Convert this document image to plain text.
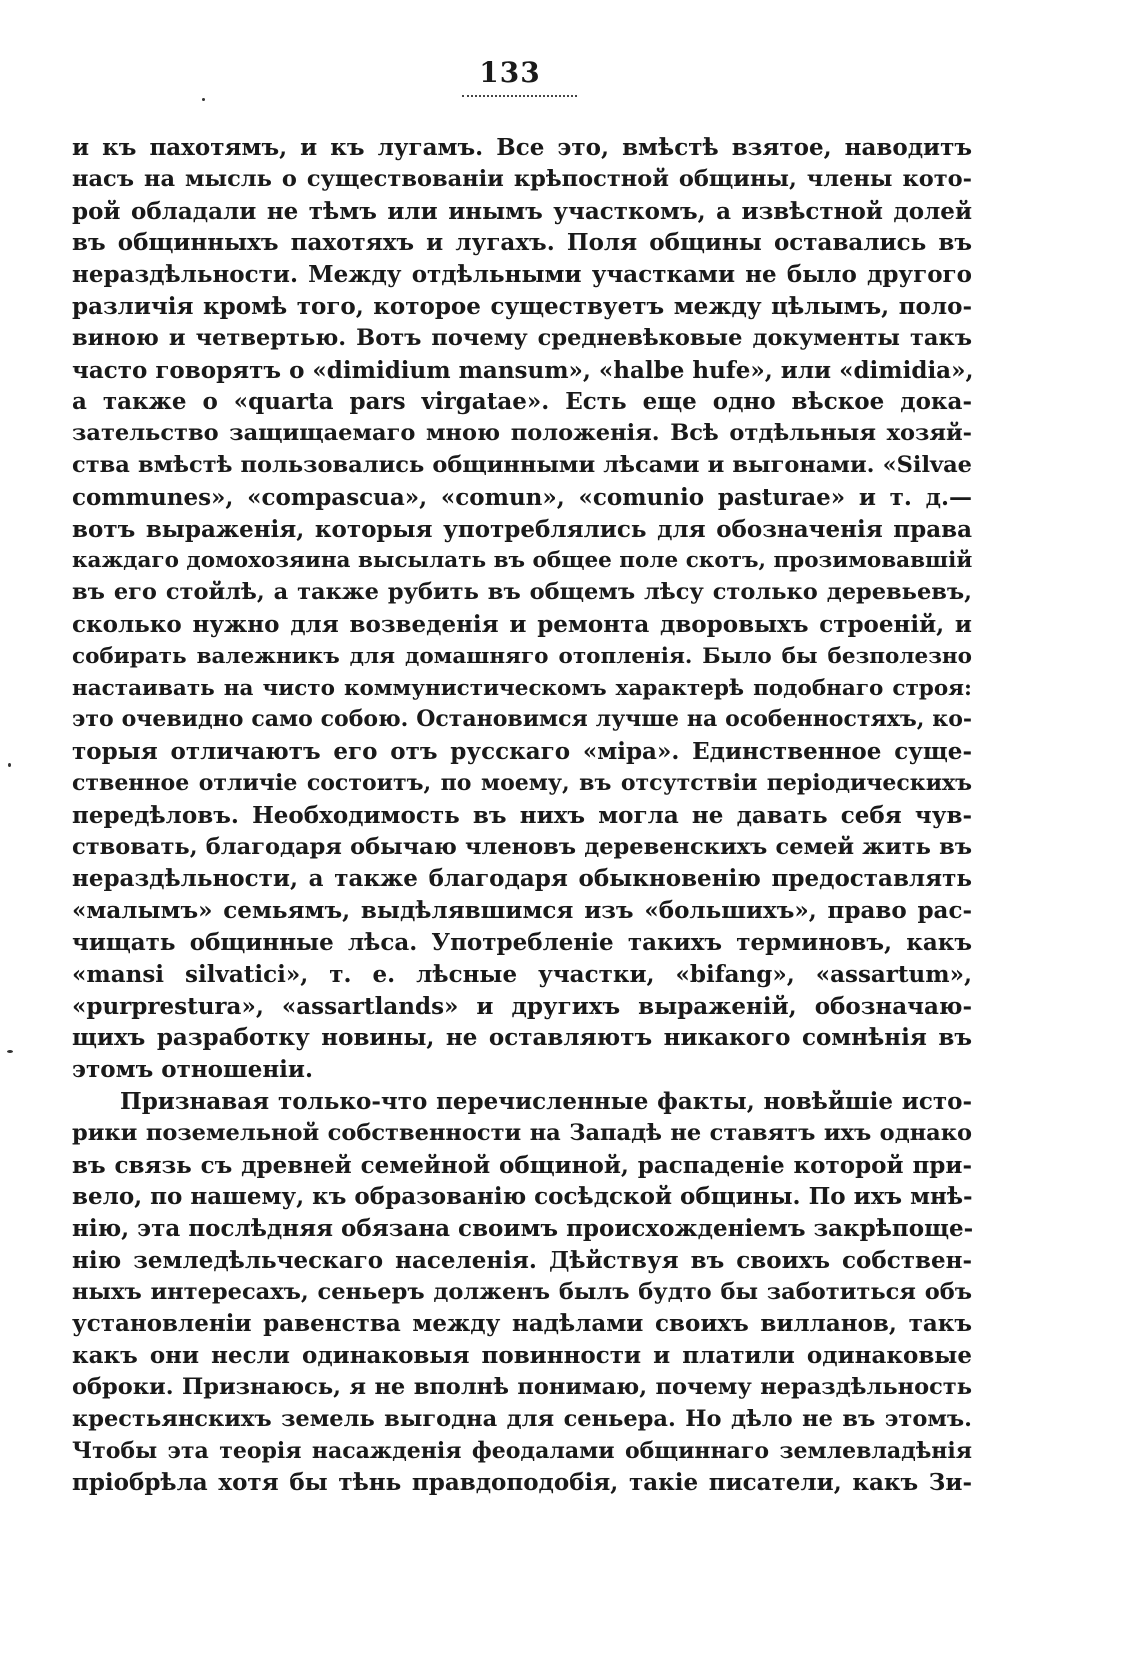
133
и къ пахотямъ, и къ лугамъ. Все это, вмѣстѣ взятое, наводитъ
насъ на мысль о существованіи крѣпостной общины, члены кото-
рой обладали не тѣмъ или инымъ участкомъ, а извѣстной долей
въ общинныхъ пахотяхъ и лугахъ. Поля общины оставались въ
нераздѣльности. Между отдѣльными участками не было другого
различія кромѣ того, которое существуетъ между цѣлымъ, поло-
виною и четвертью. Вотъ почему средневѣковые документы такъ
часто говорятъ о «dimidium mansum», «halbe hufe», или «dimidia»,
а также о «quarta pars virgatae». Есть еще одно вѣское дока-
зательство защищаемаго мною положенія. Всѣ отдѣльныя хозяй-
ства вмѣстѣ пользовались общинными лѣсами и выгонами. «Silvae
communes», «compascua», «comun», «comunio pasturae» и т. д.—
вотъ выраженія, которыя употреблялись для обозначенія права
каждаго домохозяина высылать въ общее поле скотъ, прозимовавшій
въ его стойлѣ, а также рубить въ общемъ лѣсу столько деревьевъ,
сколько нужно для возведенія и ремонта дворовыхъ строеній, и
собирать валежникъ для домашняго отопленія. Было бы безполезно
настаивать на чисто коммунистическомъ характерѣ подобнаго строя:
это очевидно само собою. Остановимся лучше на особенностяхъ, ко-
торыя отличаютъ его отъ русскаго «міра». Единственное суще-
ственное отличіе состоитъ, по моему, въ отсутствіи періодическихъ
передѣловъ. Необходимость въ нихъ могла не давать себя чув-
ствовать, благодаря обычаю членовъ деревенскихъ семей жить въ
нераздѣльности, а также благодаря обыкновенію предоставлять
«малымъ» семьямъ, выдѣлявшимся изъ «большихъ», право рас-
чищать общинные лѣса. Употребленіе такихъ терминовъ, какъ
«mansi silvatici», т. е. лѣсные участки, «bifang», «assartum»,
«purprestura», «assartlands» и другихъ выраженій, обозначаю-
щихъ разработку новины, не оставляютъ никакого сомнѣнія въ
этомъ отношеніи.
Признавая только-что перечисленные факты, новѣйшіе исто-
рики поземельной собственности на Западѣ не ставятъ ихъ однако
въ связь съ древней семейной общиной, распаденіе которой при-
вело, по нашему, къ образованію сосѣдской общины. По ихъ мнѣ-
нію, эта послѣдняя обязана своимъ происхожденіемъ закрѣпоще-
нію земледѣльческаго населенія. Дѣйствуя въ своихъ собствен-
ныхъ интересахъ, сеньеръ долженъ былъ будто бы заботиться объ
установленіи равенства между надѣлами своихъ вилланов, такъ
какъ они несли одинаковыя повинности и платили одинаковые
оброки. Признаюсь, я не вполнѣ понимаю, почему нераздѣльность
крестьянскихъ земель выгодна для сеньера. Но дѣло не въ этомъ.
Чтобы эта теорія насажденія феодалами общиннаго землевладѣнія
пріобрѣла хотя бы тѣнь правдоподобія, такіе писатели, какъ Зи-
